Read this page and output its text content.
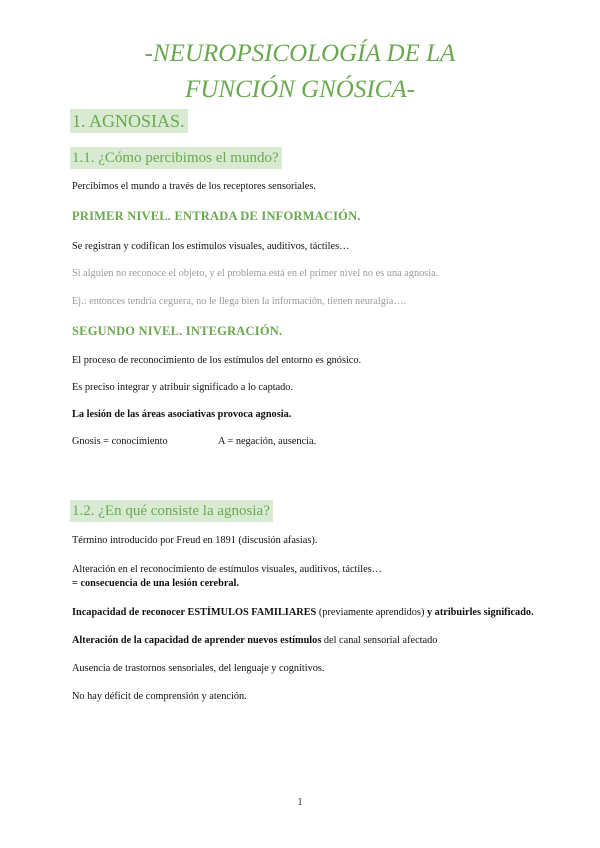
-NEUROPSICOLOGÍA DE LA
FUNCIÓN GNÓSICA-
1. AGNOSIAS.
1.1. ¿Cómo percibimos el mundo?
Percibimos el mundo a través de los receptores sensoriales.
PRIMER NIVEL. ENTRADA DE INFORMACIÓN.
Se registran y codifican los estímulos visuales, auditivos, táctiles…
Si alguien no reconoce el objeto, y el problema está en el primer nivel no es una agnosia.
Ej.: entonces tendría ceguera, no le llega bien la información, tienen neuralgia….
SEGUNDO NIVEL. INTEGRACIÓN.
El proceso de reconocimiento de los estímulos del entorno es gnósico.
Es preciso integrar y atribuir significado a lo captado.
La lesión de las áreas asociativas provoca agnosia.
Gnosis = conocimiento	A = negación, ausencia.
1.2. ¿En qué consiste la agnosia?
Término introducido por Freud en 1891 (discusión afasias).
Alteración en el reconocimiento de estímulos visuales, auditivos, táctiles…
= consecuencia de una lesión cerebral.
Incapacidad de reconocer ESTÍMULOS FAMILIARES (previamente aprendidos) y atribuirles significado.
Alteración de la capacidad de aprender nuevos estímulos del canal sensorial afectado
Ausencia de trastornos sensoriales, del lenguaje y cognitivos.
No hay déficit de comprensión y atención.
1
